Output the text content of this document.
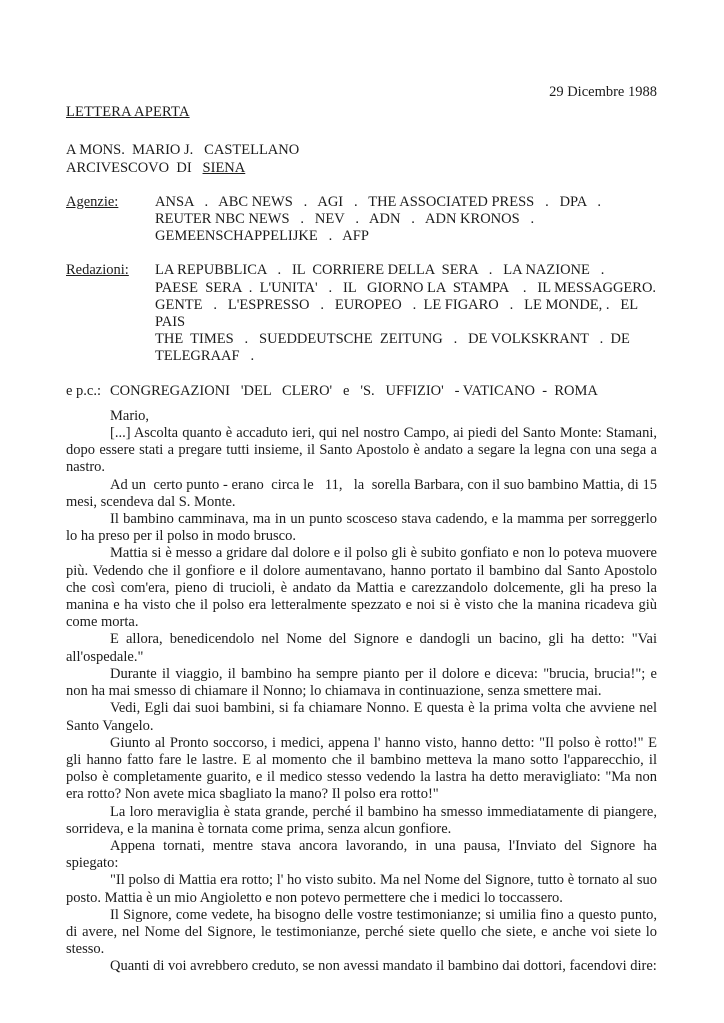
29 Dicembre 1988
LETTERA APERTA
A MONS.  MARIO J.   CASTELLANO
ARCIVESCOVO  DI   SIENA
Agenzie:	ANSA   .   ABC NEWS   .   AGI   .   THE ASSOCIATED PRESS   .   DPA   .
REUTER NBC NEWS   .   NEV   .   ADN   .   ADN KRONOS   .
GEMEENSCHAPPELIJKE   .   AFP
Redazioni:	LA REPUBBLICA   .   IL  CORRIERE DELLA  SERA   .   LA NAZIONE   .
PAESE  SERA  .  L'UNITA'   .   IL   GIORNO LA  STAMPA    .   IL MESSAGGERO.
GENTE   .   L'ESPRESSO   .   EUROPEO   .  LE FIGARO   .   LE MONDE, .   EL PAIS
THE  TIMES   .   SUEDDEUTSCHE  ZEITUNG   .   DE VOLKSKRANT   .  DE
TELEGRAAF   .
e p.c.: CONGREGAZIONI   'DEL   CLERO'   e   'S.   UFFIZIO'   - VATICANO  -  ROMA

Mario,

[...] Ascolta quanto è accaduto ieri, qui nel nostro Campo, ai piedi del Santo Monte: Stamani, dopo essere stati a pregare tutti insieme, il Santo Apostolo è andato a segare la legna con una sega a nastro.

Ad un  certo punto - erano  circa le   11,   la  sorella Barbara, con il suo bambino Mattia, di 15 mesi, scendeva dal S. Monte.

Il bambino camminava, ma in un punto scosceso stava cadendo, e la mamma per sorreggerlo lo ha preso per il polso in modo brusco.

Mattia si è messo a gridare dal dolore e il polso gli è subito gonfiato e non lo poteva muovere più. Vedendo che il gonfiore e il dolore aumentavano, hanno portato il bambino dal Santo Apostolo che così com'era, pieno di trucioli, è andato da Mattia e carezzandolo dolcemente, gli ha preso la manina e ha visto che il polso era letteralmente spezzato e noi si è visto che la manina ricadeva giù come morta.

E allora, benedicendolo nel Nome del Signore e dandogli un bacino, gli ha detto: "Vai all'ospedale."

Durante il viaggio, il bambino ha sempre pianto per il dolore e diceva: "brucia, brucia!"; e non ha mai smesso di chiamare il Nonno; lo chiamava in continuazione, senza smettere mai.

Vedi, Egli dai suoi bambini, si fa chiamare Nonno. E questa è la prima volta che avviene nel Santo Vangelo.

Giunto al Pronto soccorso, i medici, appena l' hanno visto, hanno detto: "Il polso è rotto!" E gli hanno fatto fare le lastre. E al momento che il bambino metteva la mano sotto l'apparecchio, il polso è completamente guarito, e il medico stesso vedendo la lastra ha detto meravigliato: "Ma non era rotto? Non avete mica sbagliato la mano? Il polso era rotto!"

La loro meraviglia è stata grande, perché il bambino ha smesso immediatamente di piangere, sorrideva, e la manina è tornata come prima, senza alcun gonfiore.

Appena tornati, mentre stava ancora lavorando, in una pausa, l'Inviato del Signore ha spiegato:

"Il polso di Mattia era rotto; l' ho visto subito. Ma nel Nome del Signore, tutto è tornato al suo posto. Mattia è un mio Angioletto e non potevo permettere che i medici lo toccassero.

Il Signore, come vedete, ha bisogno delle vostre testimonianze; si umilia fino a questo punto, di avere, nel Nome del Signore, le testimonianze, perché siete quello che siete, e anche voi siete lo stesso.

Quanti di voi avrebbero creduto, se non avessi mandato il bambino dai dottori, facendovi dire:
